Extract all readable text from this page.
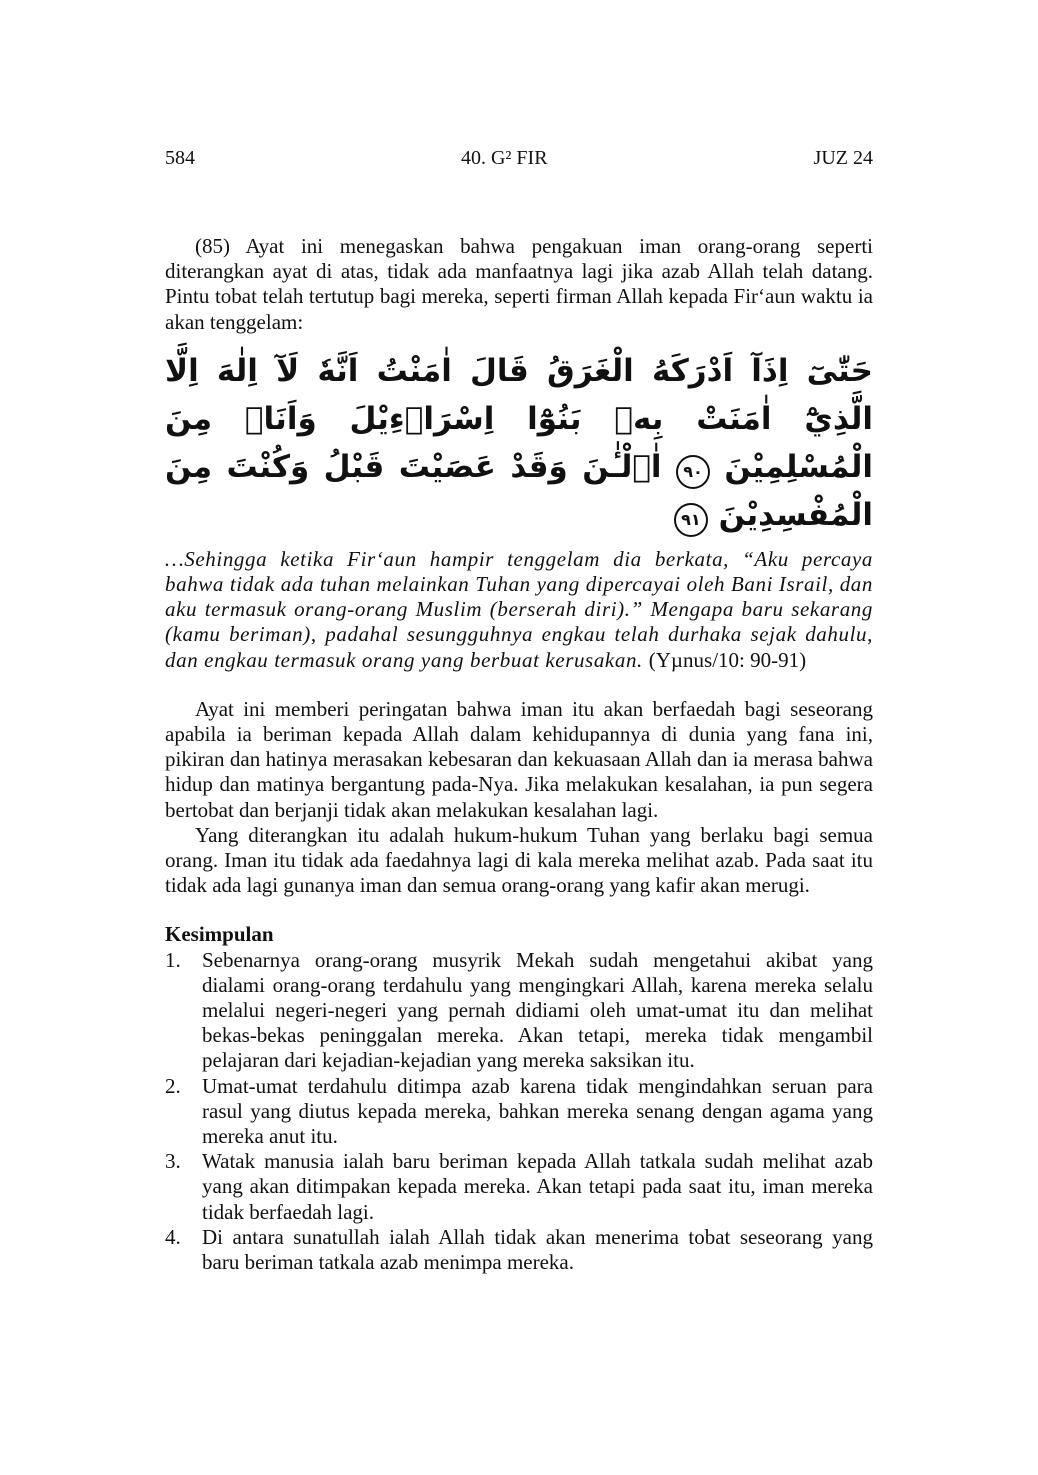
584	40. G² FIR	JUZ 24

(85) Ayat ini menegaskan bahwa pengakuan iman orang-orang seperti diterangkan ayat di atas, tidak ada manfaatnya lagi jika azab Allah telah datang. Pintu tobat telah tertutup bagi mereka, seperti firman Allah kepada Fir‘aun waktu ia akan tenggelam:

حَتّٰىٓ اِذَآ اَدْرَكَهُ الْغَرَقُ قَالَ اٰمَنْتُ اَنَّهٗ لَآ اِلٰهَ اِلَّا الَّذِيْٓ اٰمَنَتْ بِهٖ بَنُوْٓا اِسْرَاۤءِيْلَ وَاَنَا۠ مِنَ الْمُسْلِمِيْنَ ٩٠ اٰۤلْـٰٔنَ وَقَدْ عَصَيْتَ قَبْلُ وَكُنْتَ مِنَ الْمُفْسِدِيْنَ ٩١

…Sehingga ketika Fir‘aun hampir tenggelam dia berkata, “Aku percaya bahwa tidak ada tuhan melainkan Tuhan yang dipercayai oleh Bani Israil, dan aku termasuk orang-orang Muslim (berserah diri).” Mengapa baru sekarang (kamu beriman), padahal sesungguhnya engkau telah durhaka sejak dahulu, dan engkau termasuk orang yang berbuat kerusakan. (Yµnus/10: 90-91)

Ayat ini memberi peringatan bahwa iman itu akan berfaedah bagi seseorang apabila ia beriman kepada Allah dalam kehidupannya di dunia yang fana ini, pikiran dan hatinya merasakan kebesaran dan kekuasaan Allah dan ia merasa bahwa hidup dan matinya bergantung pada-Nya. Jika melakukan kesalahan, ia pun segera bertobat dan berjanji tidak akan melakukan kesalahan lagi.

Yang diterangkan itu adalah hukum-hukum Tuhan yang berlaku bagi semua orang. Iman itu tidak ada faedahnya lagi di kala mereka melihat azab. Pada saat itu tidak ada lagi gunanya iman dan semua orang-orang yang kafir akan merugi.

Kesimpulan
1.	Sebenarnya orang-orang musyrik Mekah sudah mengetahui akibat yang dialami orang-orang terdahulu yang mengingkari Allah, karena mereka selalu melalui negeri-negeri yang pernah didiami oleh umat-umat itu dan melihat bekas-bekas peninggalan mereka. Akan tetapi, mereka tidak mengambil pelajaran dari kejadian-kejadian yang mereka saksikan itu.
2.	Umat-umat terdahulu ditimpa azab karena tidak mengindahkan seruan para rasul yang diutus kepada mereka, bahkan mereka senang dengan agama yang mereka anut itu.
3.	Watak manusia ialah baru beriman kepada Allah tatkala sudah melihat azab yang akan ditimpakan kepada mereka. Akan tetapi pada saat itu, iman mereka tidak berfaedah lagi.
4.	Di antara sunatullah ialah Allah tidak akan menerima tobat seseorang yang baru beriman tatkala azab menimpa mereka.
